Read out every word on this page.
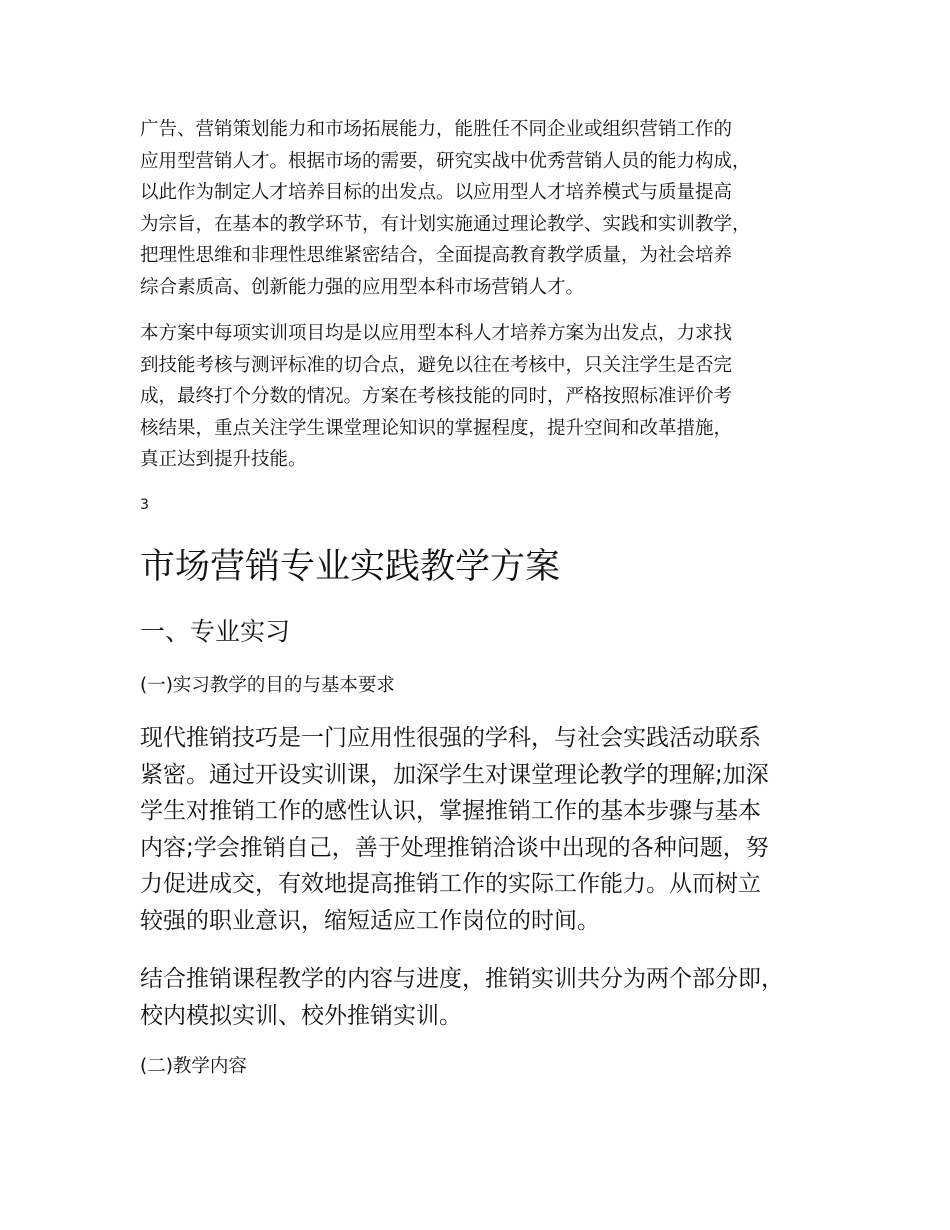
广告、营销策划能力和市场拓展能力，能胜任不同企业或组织营销工作的
应用型营销人才。根据市场的需要，研究实战中优秀营销人员的能力构成，
以此作为制定人才培养目标的出发点。以应用型人才培养模式与质量提高
为宗旨，在基本的教学环节，有计划实施通过理论教学、实践和实训教学，
把理性思维和非理性思维紧密结合，全面提高教育教学质量，为社会培养
综合素质高、创新能力强的应用型本科市场营销人才。
本方案中每项实训项目均是以应用型本科人才培养方案为出发点，力求找
到技能考核与测评标准的切合点，避免以往在考核中，只关注学生是否完
成，最终打个分数的情况。方案在考核技能的同时，严格按照标准评价考
核结果，重点关注学生课堂理论知识的掌握程度，提升空间和改革措施，
真正达到提升技能。
3
市场营销专业实践教学方案
一、专业实习
(一)实习教学的目的与基本要求
现代推销技巧是一门应用性很强的学科，与社会实践活动联系
紧密。通过开设实训课，加深学生对课堂理论教学的理解;加深
学生对推销工作的感性认识，掌握推销工作的基本步骤与基本
内容;学会推销自己，善于处理推销洽谈中出现的各种问题，努
力促进成交，有效地提高推销工作的实际工作能力。从而树立
较强的职业意识，缩短适应工作岗位的时间。
结合推销课程教学的内容与进度，推销实训共分为两个部分即，
校内模拟实训、校外推销实训。
(二)教学内容
